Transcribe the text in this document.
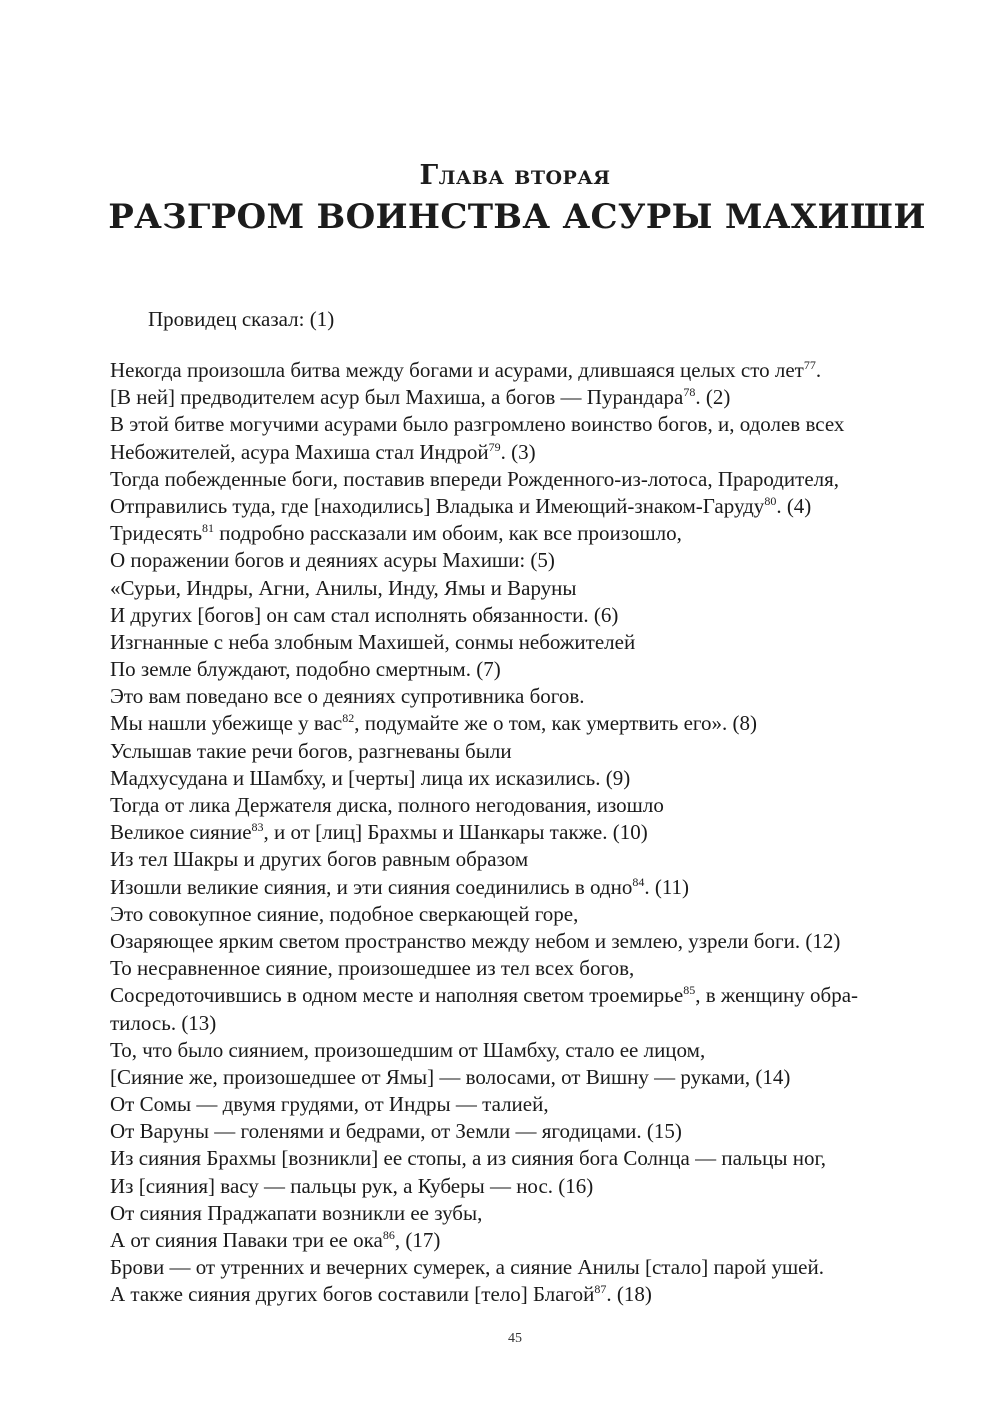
Глава вторая
РАЗГРОМ ВОИНСТВА АСУРЫ МАХИШИ
Провидец сказал: (1)
Некогда произошла битва между богами и асурами, длившаяся целых сто лет$^{77}$.
[В ней] предводителем асур был Махиша, а богов — Пурандара$^{78}$. (2)
В этой битве могучими асурами было разгромлено воинство богов, и, одолев всех
Небожителей, асура Махиша стал Индрой$^{79}$. (3)
Тогда побежденные боги, поставив впереди Рожденного-из-лотоса, Прародителя,
Отправились туда, где [находились] Владыка и Имеющий-знаком-Гаруду$^{80}$. (4)
Тридесять$^{81}$ подробно рассказали им обоим, как все произошло,
О поражении богов и деяниях асуры Махиши: (5)
«Сурьи, Индры, Агни, Анилы, Инду, Ямы и Варуны
И других [богов] он сам стал исполнять обязанности. (6)
Изгнанные с неба злобным Махишей, сонмы небожителей
По земле блуждают, подобно смертным. (7)
Это вам поведано все о деяниях супротивника богов.
Мы нашли убежище у вас$^{82}$, подумайте же о том, как умертвить его». (8)
Услышав такие речи богов, разгневаны были
Мадхусудана и Шамбху, и [черты] лица их исказились. (9)
Тогда от лика Держателя диска, полного негодования, изошло
Великое сияние$^{83}$, и от [лиц] Брахмы и Шанкары также. (10)
Из тел Шакры и других богов равным образом
Изошли великие сияния, и эти сияния соединились в одно$^{84}$. (11)
Это совокупное сияние, подобное сверкающей горе,
Озаряющее ярким светом пространство между небом и землею, узрели боги. (12)
То несравненное сияние, произошедшее из тел всех богов,
Сосредоточившись в одном месте и наполняя светом троемирье$^{85}$, в женщину обра-
тилось. (13)
То, что было сиянием, произошедшим от Шамбху, стало ее лицом,
[Сияние же, произошедшее от Ямы] — волосами, от Вишну — руками, (14)
От Сомы — двумя грудями, от Индры — талией,
От Варуны — голенями и бедрами, от Земли — ягодицами. (15)
Из сияния Брахмы [возникли] ее стопы, а из сияния бога Солнца — пальцы ног,
Из [сияния] васу — пальцы рук, а Куберы — нос. (16)
От сияния Праджапати возникли ее зубы,
А от сияния Паваки три ее ока$^{86}$, (17)
Брови — от утренних и вечерних сумерек, а сияние Анилы [стало] парой ушей.
А также сияния других богов составили [тело] Благой$^{87}$. (18)
45
